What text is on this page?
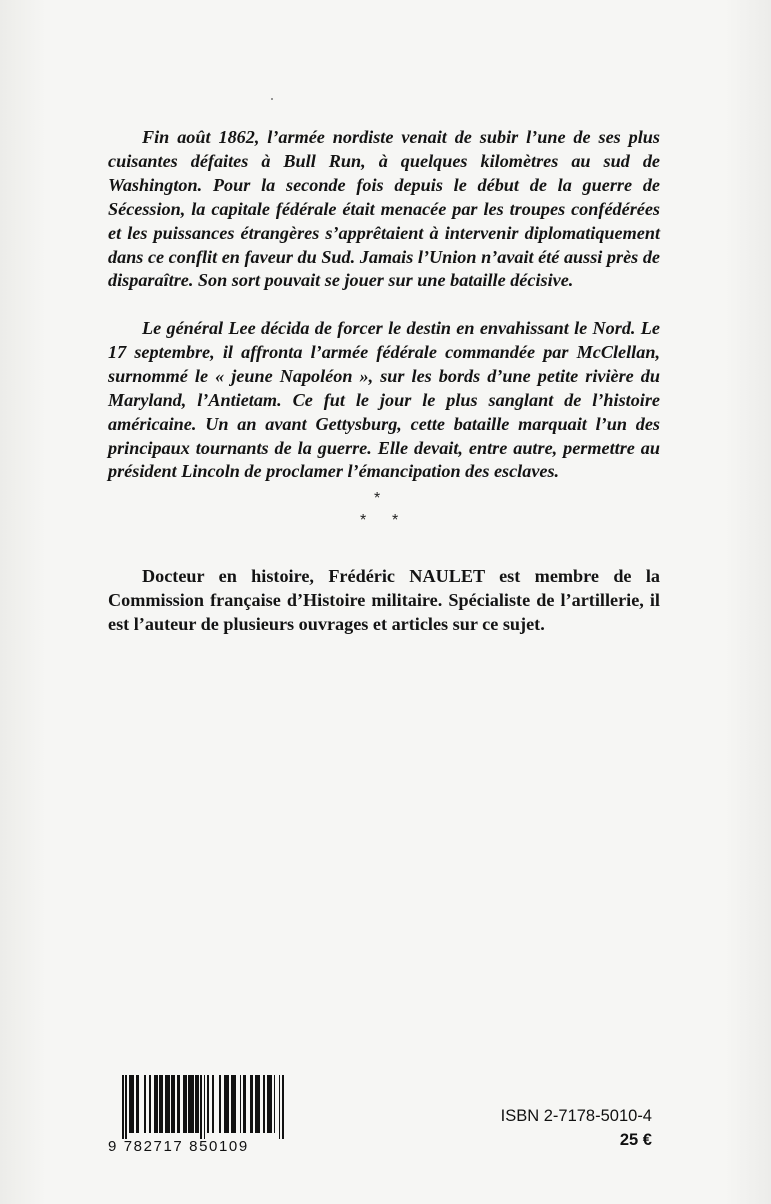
Fin août 1862, l’armée nordiste venait de subir l’une de ses plus cuisantes défaites à Bull Run, à quelques kilomètres au sud de Washington. Pour la seconde fois depuis le début de la guerre de Sécession, la capitale fédérale était menacée par les troupes confédérées et les puissances étrangères s’apprêtaient à intervenir diplomatiquement dans ce conflit en faveur du Sud. Jamais l’Union n’avait été aussi près de disparaître. Son sort pouvait se jouer sur une bataille décisive.

Le général Lee décida de forcer le destin en envahissant le Nord. Le 17 septembre, il affronta l’armée fédérale commandée par McClellan, surnommé le « jeune Napoléon », sur les bords d’une petite rivière du Maryland, l’Antietam. Ce fut le jour le plus sanglant de l’histoire américaine. Un an avant Gettysburg, cette bataille marquait l’un des principaux tournants de la guerre. Elle devait, entre autre, permettre au président Lincoln de proclamer l’émancipation des esclaves.

*
* *

Docteur en histoire, Frédéric NAULET est membre de la Commission française d’Histoire militaire. Spécialiste de l’artillerie, il est l’auteur de plusieurs ouvrages et articles sur ce sujet.

9 782717 850109
ISBN 2-7178-5010-4
25 €
